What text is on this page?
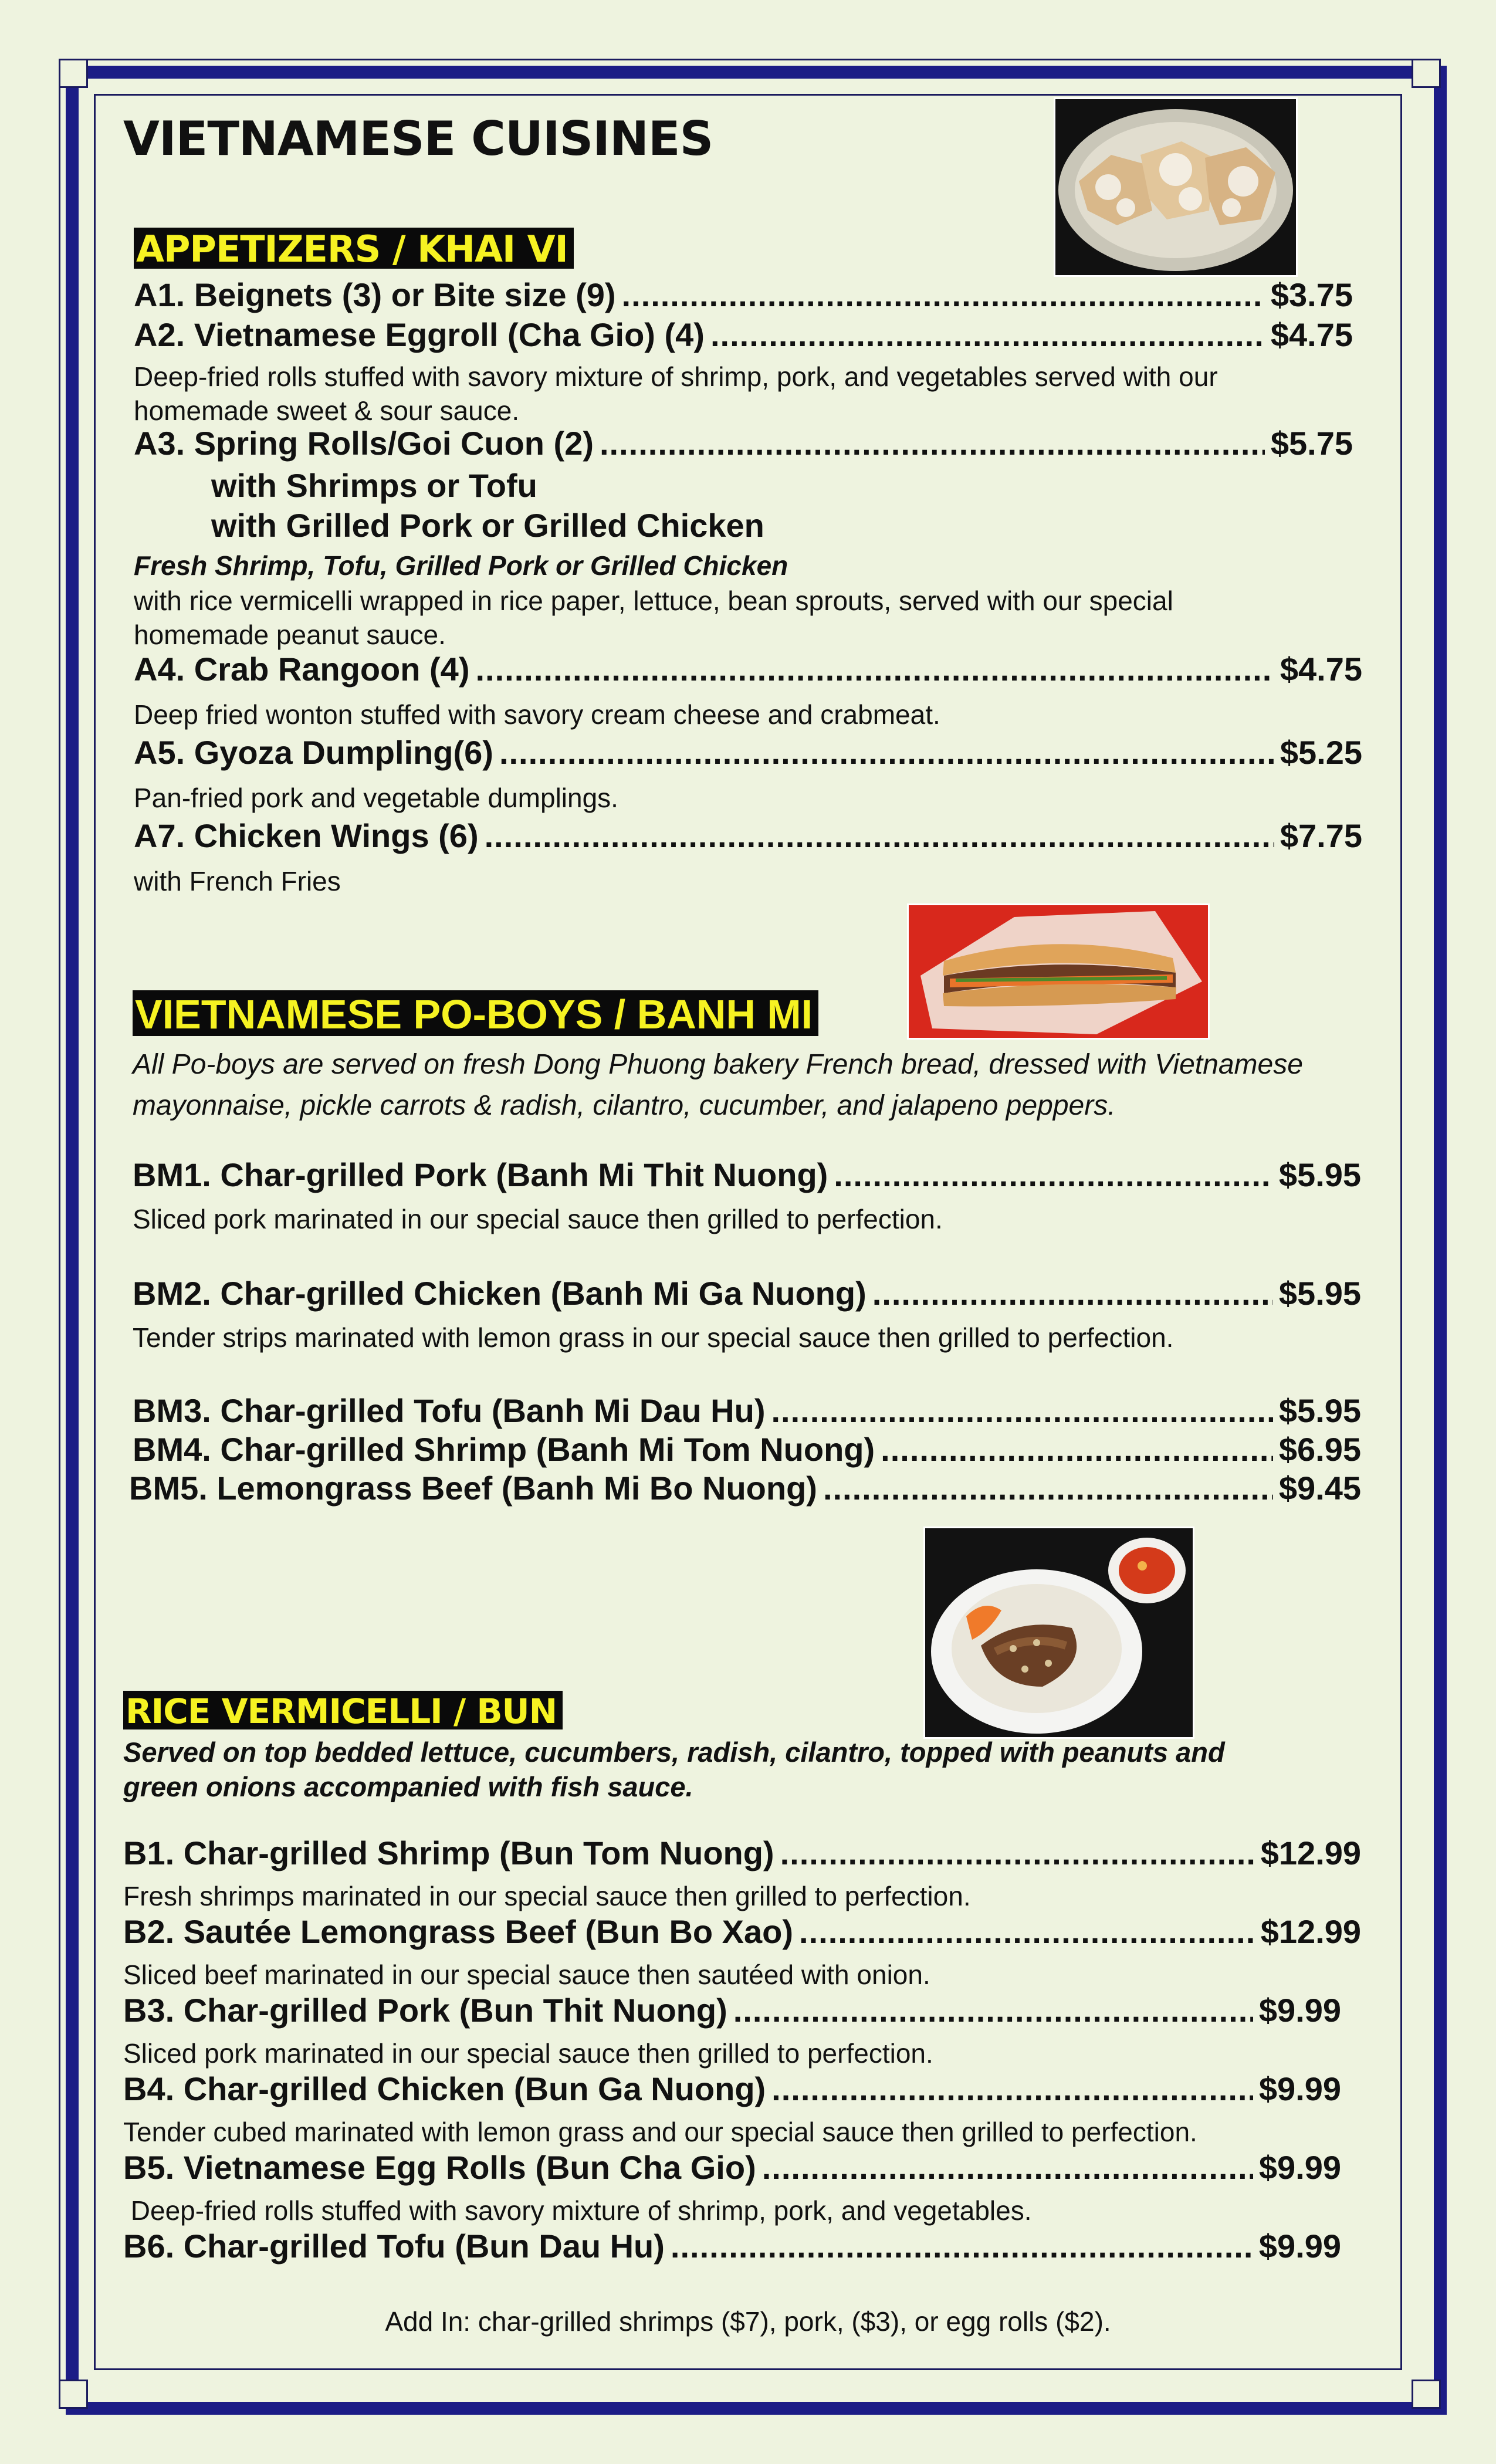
VIETNAMESE CUISINES
APPETIZERS / KHAI VI
A1. Beignets (3) or Bite size (9) .....	$3.75
A2. Vietnamese Eggroll (Cha Gio) (4) .....	$4.75
Deep-fried rolls stuffed with savory mixture of shrimp, pork, and vegetables served with our
homemade sweet & sour sauce.
A3. Spring Rolls/Goi Cuon (2) .....	$5.75
with Shrimps or Tofu
with Grilled Pork or Grilled Chicken
Fresh Shrimp, Tofu, Grilled Pork or Grilled Chicken
with rice vermicelli wrapped in rice paper, lettuce, bean sprouts, served with our special
homemade peanut sauce.
A4. Crab Rangoon (4) .....	$4.75
Deep fried wonton stuffed with savory cream cheese and crabmeat.
A5. Gyoza Dumpling(6) .....	$5.25
Pan-fried pork and vegetable dumplings.
A7. Chicken Wings (6) .....	$7.75
with French Fries
VIETNAMESE PO-BOYS / BANH MI
All Po-boys are served on fresh Dong Phuong bakery French bread, dressed with Vietnamese
mayonnaise, pickle carrots & radish, cilantro, cucumber, and jalapeno peppers.
BM1. Char-grilled Pork (Banh Mi Thit Nuong) .....	$5.95
Sliced pork marinated in our special sauce then grilled to perfection.
BM2. Char-grilled Chicken (Banh Mi Ga Nuong) .....	$5.95
Tender strips marinated with lemon grass in our special sauce then grilled to perfection.
BM3. Char-grilled Tofu (Banh Mi Dau Hu) .....	$5.95
BM4. Char-grilled Shrimp (Banh Mi Tom Nuong) .....	$6.95
BM5. Lemongrass Beef (Banh Mi Bo Nuong) .....	$9.45
RICE VERMICELLI / BUN
Served on top bedded lettuce, cucumbers, radish, cilantro, topped with peanuts and
green onions accompanied with fish sauce.
B1. Char-grilled Shrimp (Bun Tom Nuong) .....	$12.99
Fresh shrimps marinated in our special sauce then grilled to perfection.
B2. Sautée Lemongrass Beef (Bun Bo Xao) .....	$12.99
Sliced beef marinated in our special sauce then sautéed with onion.
B3. Char-grilled Pork (Bun Thit Nuong) .....	$9.99
Sliced pork marinated in our special sauce then grilled to perfection.
B4. Char-grilled Chicken (Bun Ga Nuong) .....	$9.99
Tender cubed marinated with lemon grass and our special sauce then grilled to perfection.
B5. Vietnamese Egg Rolls (Bun Cha Gio) .....	$9.99
Deep-fried rolls stuffed with savory mixture of shrimp, pork, and vegetables.
B6. Char-grilled Tofu (Bun Dau Hu) .....	$9.99
Add In: char-grilled shrimps ($7), pork, ($3), or egg rolls ($2).
